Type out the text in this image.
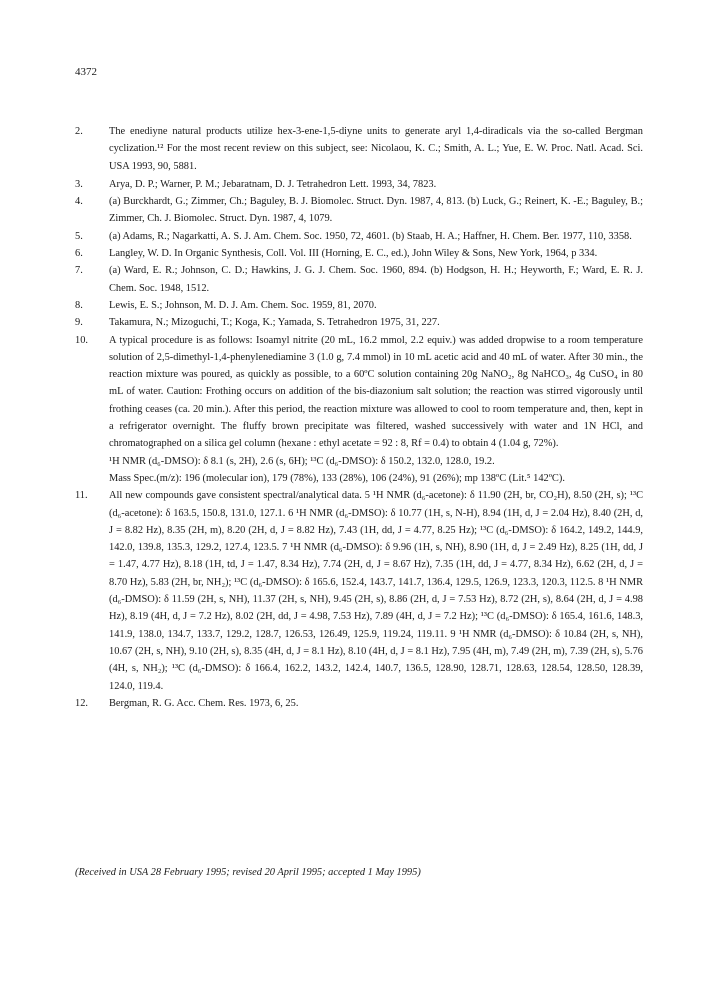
4372
2.	The enediyne natural products utilize hex-3-ene-1,5-diyne units to generate aryl 1,4-diradicals via the so-called Bergman cyclization.¹² For the most recent review on this subject, see: Nicolaou, K. C.; Smith, A. L.; Yue, E. W. Proc. Natl. Acad. Sci. USA 1993, 90, 5881.

3.	Arya, D. P.; Warner, P. M.; Jebaratnam, D. J. Tetrahedron Lett. 1993, 34, 7823.

4.	(a) Burckhardt, G.; Zimmer, Ch.; Baguley, B. J. Biomolec. Struct. Dyn. 1987, 4, 813. (b) Luck, G.; Reinert, K. -E.; Baguley, B.; Zimmer, Ch. J. Biomolec. Struct. Dyn. 1987, 4, 1079.

5.	(a) Adams, R.; Nagarkatti, A. S. J. Am. Chem. Soc. 1950, 72, 4601. (b) Staab, H. A.; Haffner, H. Chem. Ber. 1977, 110, 3358.

6.	Langley, W. D. In Organic Synthesis, Coll. Vol. III (Horning, E. C., ed.), John Wiley & Sons, New York, 1964, p 334.

7.	(a) Ward, E. R.; Johnson, C. D.; Hawkins, J. G. J. Chem. Soc. 1960, 894. (b) Hodgson, H. H.; Heyworth, F.; Ward, E. R. J. Chem. Soc. 1948, 1512.

8.	Lewis, E. S.; Johnson, M. D. J. Am. Chem. Soc. 1959, 81, 2070.

9.	Takamura, N.; Mizoguchi, T.; Koga, K.; Yamada, S. Tetrahedron 1975, 31, 227.

10. A typical procedure is as follows: Isoamyl nitrite (20 mL, 16.2 mmol, 2.2 equiv.) was added dropwise to a room temperature solution of 2,5-dimethyl-1,4-phenylenediamine 3 (1.0 g, 7.4 mmol) in 10 mL acetic acid and 40 mL of water. After 30 min., the reaction mixture was poured, as quickly as possible, to a 60ºC solution containing 20g NaNO₂, 8g NaHCO₃, 4g CuSO₄ in 80 mL of water. Caution: Frothing occurs on addition of the bis-diazonium salt solution; the reaction was stirred vigorously until frothing ceases (ca. 20 min.). After this period, the reaction mixture was allowed to cool to room temperature and, then, kept in a refrigerator overnight. The fluffy brown precipitate was filtered, washed successively with water and 1N HCl, and chromatographed on a silica gel column (hexane : ethyl acetate = 92 : 8, Rf = 0.4) to obtain 4 (1.04 g, 72%).

¹H NMR (d₆-DMSO): δ 8.1 (s, 2H), 2.6 (s, 6H); ¹³C (d₆-DMSO): δ 150.2, 132.0, 128.0, 19.2.
Mass Spec.(m/z): 196 (molecular ion), 179 (78%), 133 (28%), 106 (24%), 91 (26%); mp 138ºC (Lit.⁵ 142ºC).
11. All new compounds gave consistent spectral/analytical data. 5 ¹H NMR (d₆-acetone): δ 11.90 (2H, br, CO₂H), 8.50 (2H, s); ¹³C (d₆-acetone): δ 163.5, 150.8, 131.0, 127.1. 6 ¹H NMR (d₆-DMSO): δ 10.77 (1H, s, N-H), 8.94 (1H, d, J = 2.04 Hz), 8.40 (2H, d, J = 8.82 Hz), 8.35 (2H, m), 8.20 (2H, d, J = 8.82 Hz), 7.43 (1H, dd, J = 4.77, 8.25 Hz); ¹³C (d₆-DMSO): δ 164.2, 149.2, 144.9, 142.0, 139.8, 135.3, 129.2, 127.4, 123.5. 7 ¹H NMR (d₆-DMSO): δ 9.96 (1H, s, NH), 8.90 (1H, d, J = 2.49 Hz), 8.25 (1H, dd, J = 1.47, 4.77 Hz), 8.18 (1H, td, J = 1.47, 8.34 Hz), 7.74 (2H, d, J = 8.67 Hz), 7.35 (1H, dd, J = 4.77, 8.34 Hz), 6.62 (2H, d, J = 8.70 Hz), 5.83 (2H, br, NH₂); ¹³C (d₆-DMSO): δ 165.6, 152.4, 143.7, 141.7, 136.4, 129.5, 126.9, 123.3, 120.3, 112.5. 8 ¹H NMR (d₆-DMSO): δ 11.59 (2H, s, NH), 11.37 (2H, s, NH), 9.45 (2H, s), 8.86 (2H, d, J = 7.53 Hz), 8.72 (2H, s), 8.64 (2H, d, J = 4.98 Hz), 8.19 (4H, d, J = 7.2 Hz), 8.02 (2H, dd, J = 4.98, 7.53 Hz), 7.89 (4H, d, J = 7.2 Hz); ¹³C (d₆-DMSO): δ 165.4, 161.6, 148.3, 141.9, 138.0, 134.7, 133.7, 129.2, 128.7, 126.53, 126.49, 125.9, 119.24, 119.11. 9 ¹H NMR (d₆-DMSO): δ 10.84 (2H, s, NH), 10.67 (2H, s, NH), 9.10 (2H, s), 8.35 (4H, d, J = 8.1 Hz), 8.10 (4H, d, J = 8.1 Hz), 7.95 (4H, m), 7.49 (2H, m), 7.39 (2H, s), 5.76 (4H, s, NH₂); ¹³C (d₆-DMSO): δ 166.4, 162.2, 143.2, 142.4, 140.7, 136.5, 128.90, 128.71, 128.63, 128.54, 128.50, 128.39, 124.0, 119.4.

12. Bergman, R. G. Acc. Chem. Res. 1973, 6, 25.

(Received in USA 28 February 1995; revised 20 April 1995; accepted 1 May 1995)
